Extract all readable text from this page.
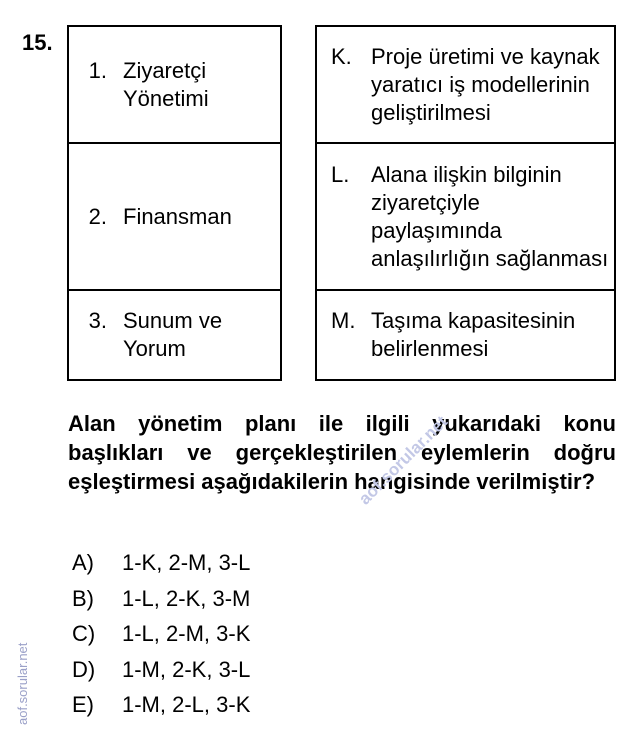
15.
1. Ziyaretçi Yönetimi

2. Finansman

3. Sunum ve Yorum
K. Proje üretimi ve kaynak yaratıcı iş modellerinin geliştirilmesi

L. Alana ilişkin bilginin ziyaretçiyle paylaşımında anlaşılırlığın sağlanması

M. Taşıma kapasitesinin belirlenmesi
Alan yönetim planı ile ilgili yukarıdaki konu başlıkları ve gerçekleştirilen eylemlerin doğru eşleştirmesi aşağıdakilerin hangisinde verilmiştir?
A) 1-K, 2-M, 3-L
B) 1-L, 2-K, 3-M
C) 1-L, 2-M, 3-K
D) 1-M, 2-K, 3-L
E) 1-M, 2-L, 3-K
aof.sorular.net
aof.sorular.net
